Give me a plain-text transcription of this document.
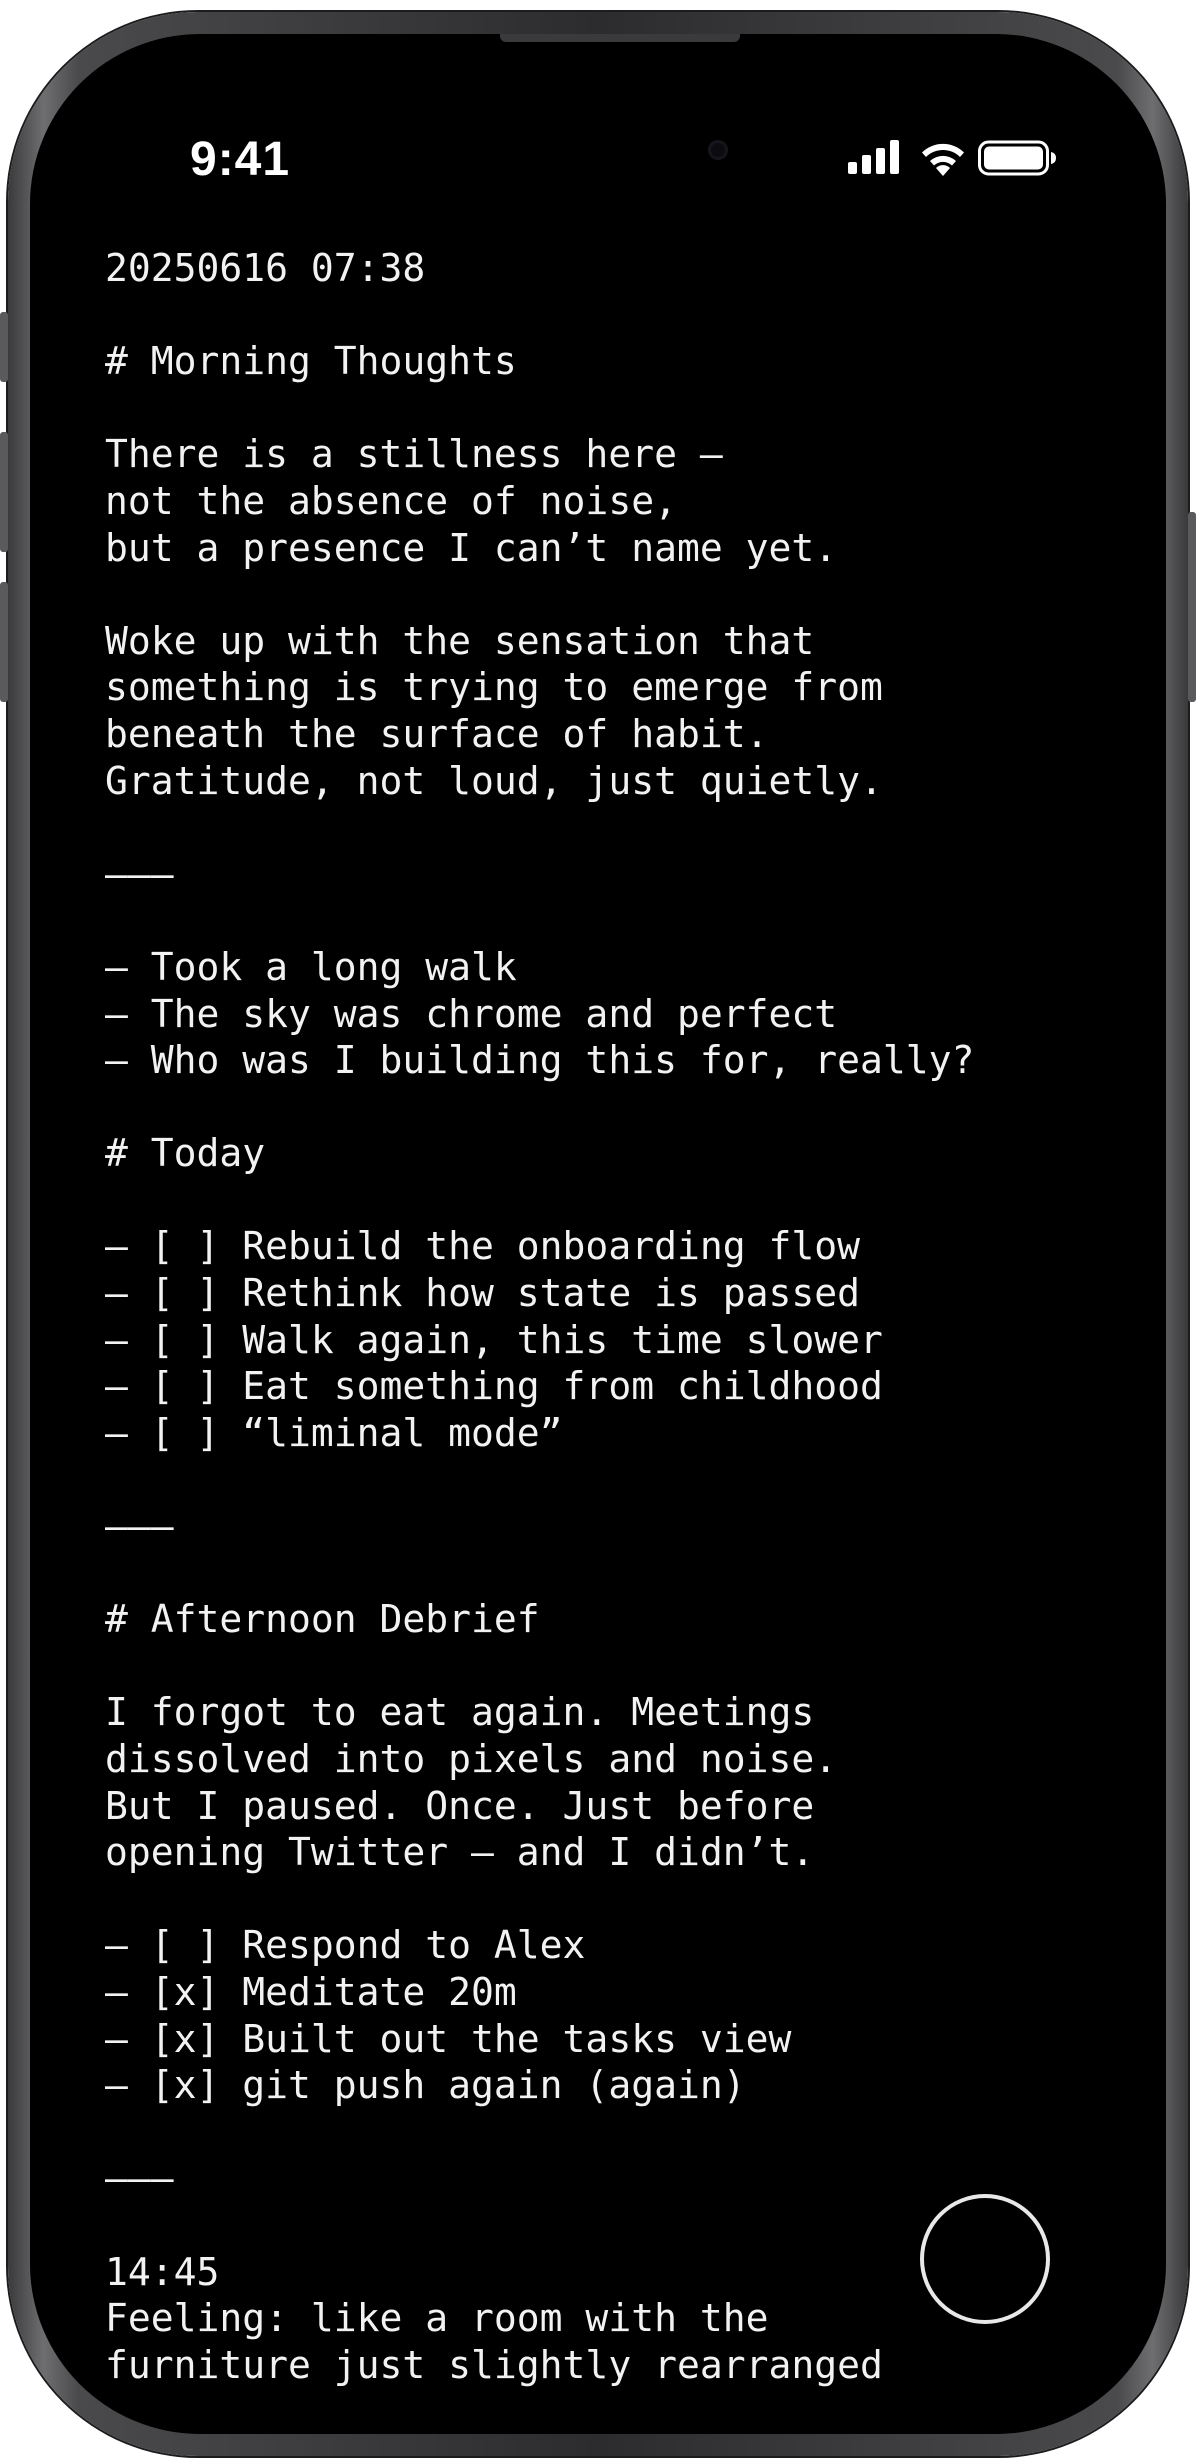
9:41
20250616 07:38
# Morning Thoughts
There is a stillness here —
not the absence of noise,
but a presence I can’t name yet.
Woke up with the sensation that
something is trying to emerge from
beneath the surface of habit.
Gratitude, not loud, just quietly.
———
— Took a long walk
— The sky was chrome and perfect
— Who was I building this for, really?
# Today
— [ ] Rebuild the onboarding flow
— [ ] Rethink how state is passed
— [ ] Walk again, this time slower
— [ ] Eat something from childhood
— [ ] “liminal mode”
———
# Afternoon Debrief
I forgot to eat again. Meetings
dissolved into pixels and noise.
But I paused. Once. Just before
opening Twitter — and I didn’t.
— [ ] Respond to Alex
— [x] Meditate 20m
— [x] Built out the tasks view
— [x] git push again (again)
———
14:45
Feeling: like a room with the
furniture just slightly rearranged
